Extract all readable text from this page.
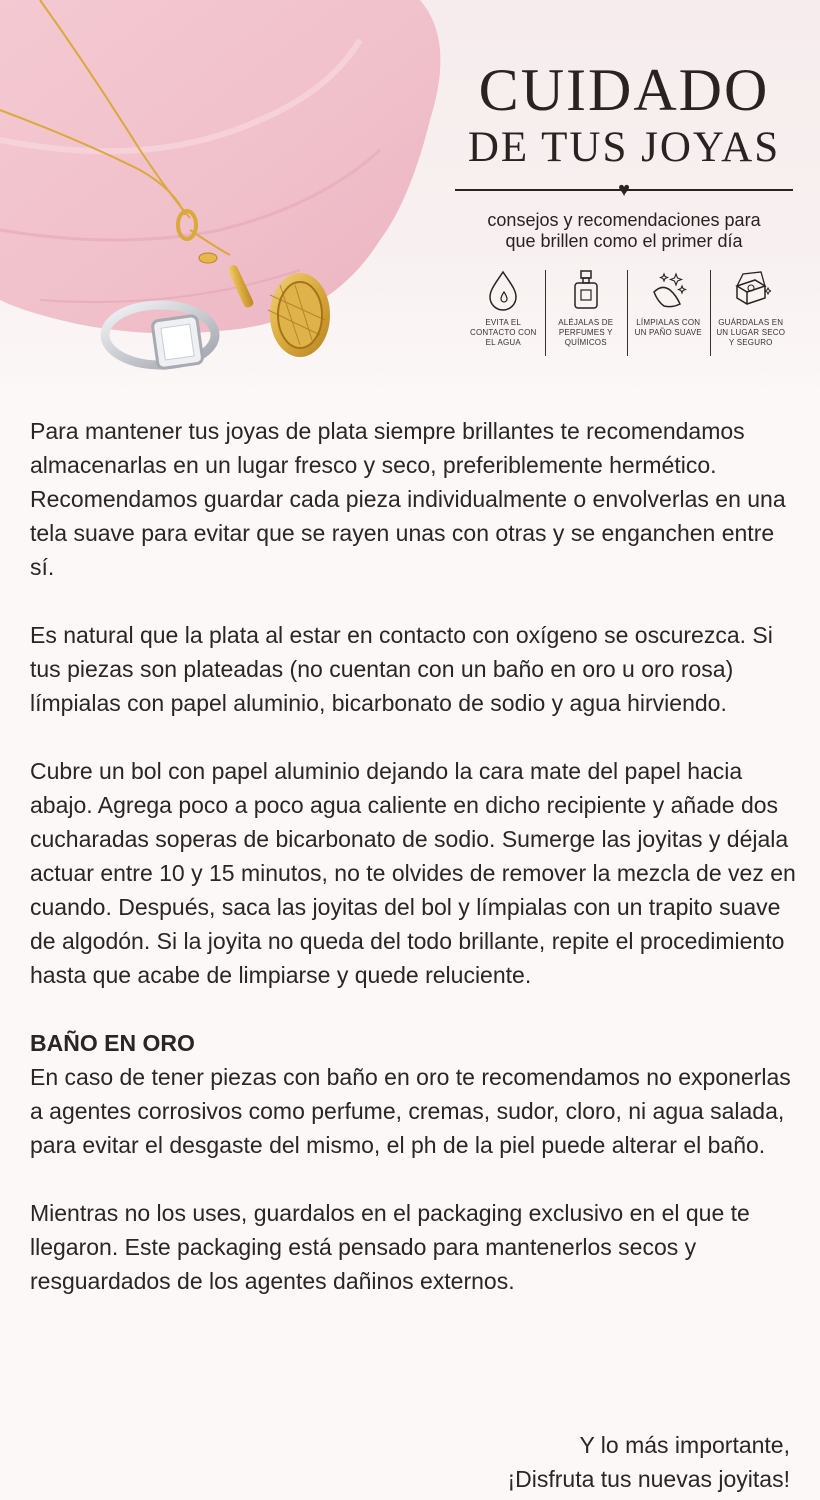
CUIDADO
DE TUS JOYAS
♥
consejos y recomendaciones para
que brillen como el primer día
EVITA EL CONTACTO CON EL AGUA
ALÉJALAS DE PERFUMES Y QUÍMICOS
LÍMPIALAS CON UN PAÑO SUAVE
GUÁRDALAS EN UN LUGAR SECO Y SEGURO

Para mantener tus joyas de plata siempre brillantes te recomendamos almacenarlas en un lugar fresco y seco, preferiblemente hermético. Recomendamos guardar cada pieza individualmente o envolverlas en una tela suave para evitar que se rayen unas con otras y se enganchen entre sí.

Es natural que la plata al estar en contacto con oxígeno se oscurezca. Si tus piezas son plateadas (no cuentan con un baño en oro u oro rosa) límpialas con papel aluminio, bicarbonato de sodio y agua hirviendo.

Cubre un bol con papel aluminio dejando la cara mate del papel hacia abajo. Agrega poco a poco agua caliente en dicho recipiente y añade dos cucharadas soperas de bicarbonato de sodio. Sumerge las joyitas y déjala actuar entre 10 y 15 minutos, no te olvides de remover la mezcla de vez en cuando. Después, saca las joyitas del bol y límpialas con un trapito suave de algodón. Si la joyita no queda del todo brillante, repite el procedimiento hasta que acabe de limpiarse y quede reluciente.

BAÑO EN ORO

En caso de tener piezas con baño en oro te recomendamos no exponerlas a agentes corrosivos como perfume, cremas, sudor, cloro, ni agua salada, para evitar el desgaste del mismo, el ph de la piel puede alterar el baño.

Mientras no los uses, guardalos en el packaging exclusivo en el que te llegaron. Este packaging está pensado para mantenerlos secos y resguardados de los agentes dañinos externos.

Y lo más importante,
¡Disfruta tus nuevas joyitas!
